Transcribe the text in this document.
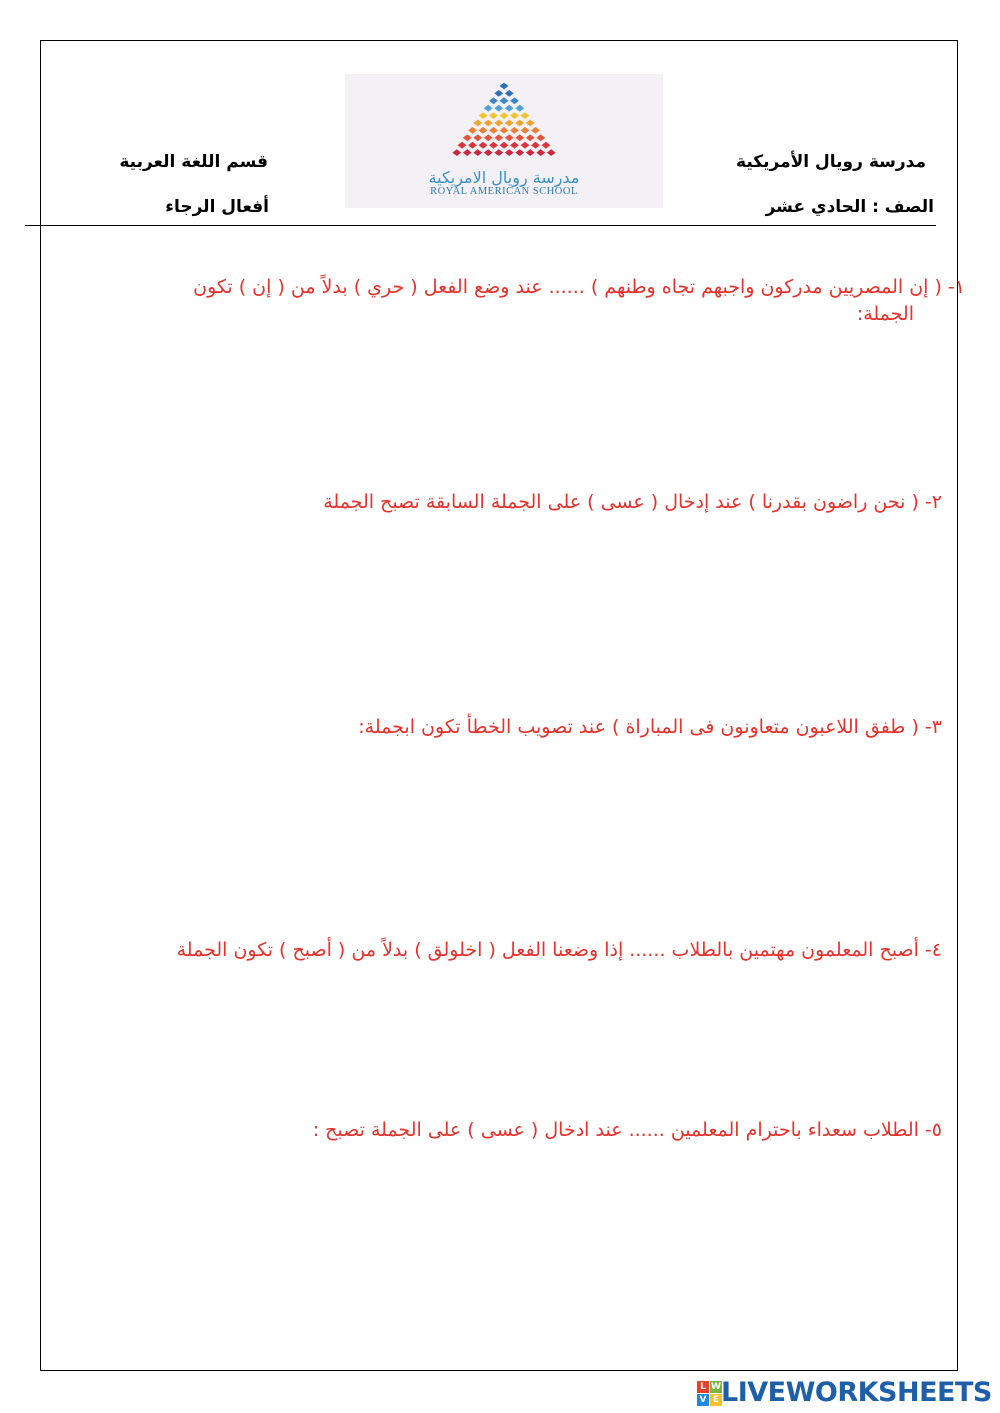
مدرسة رويال الأمريكية
الصف : الحادي عشر
قسم اللغة العربية
أفعال الرجاء
مدرسة رويال الامريكية
ROYAL AMERICAN SCHOOL
١- ( إن المصريين مدركون واجبهم تجاه وطنهم ) ...... عند وضع الفعل ( حري ) بدلاً من ( إن ) تكون
الجملة:
٢- ( نحن راضون بقدرنا ) عند إدخال ( عسى ) على الجملة السابقة تصبح الجملة
٣- ( طفق اللاعبون متعاونون فى المباراة ) عند تصويب الخطأ تكون ابجملة:
٤- أصبح المعلمون مهتمين بالطلاب ...... إذا وضعنا الفعل ( اخلولق ) بدلاً من ( أصبح ) تكون الجملة
٥- الطلاب سعداء باحترام المعلمين ...... عند ادخال ( عسى ) على الجملة تصبح :
L W
V E LIVEWORKSHEETS
